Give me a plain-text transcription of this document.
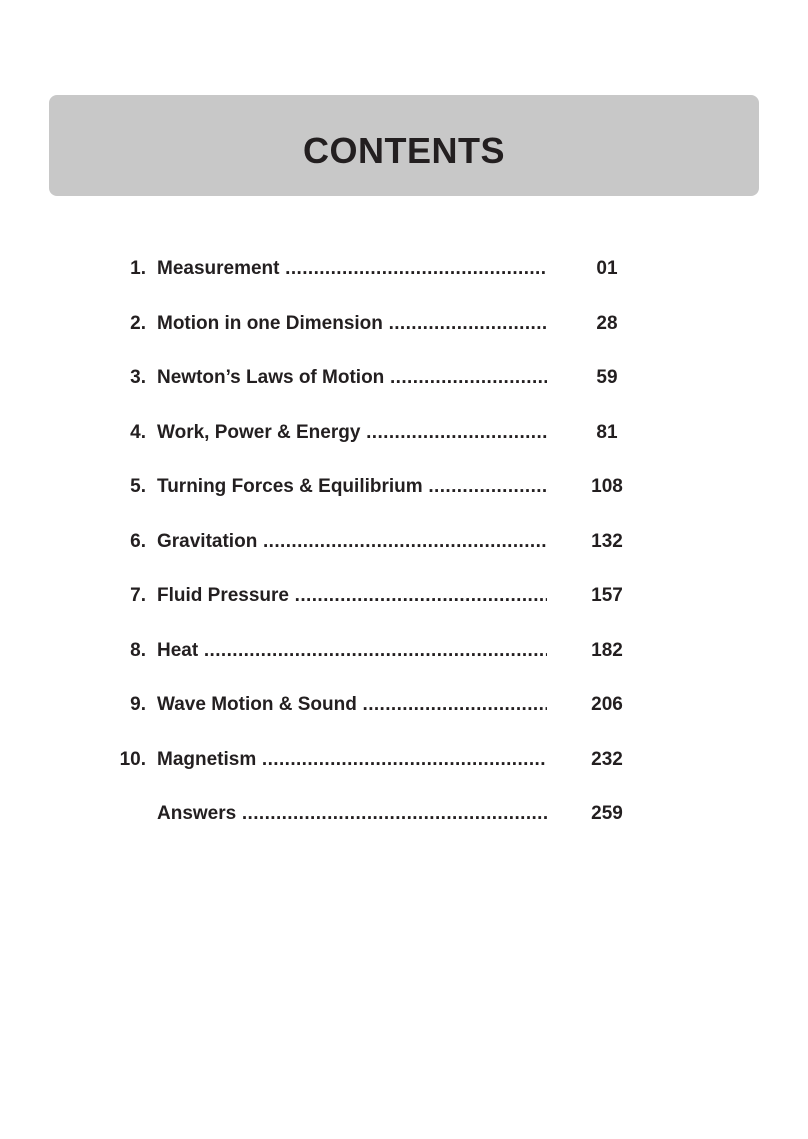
CONTENTS
1. Measurement .....	01
2. Motion in one Dimension .....	28
3. Newton’s Laws of Motion .....	59
4. Work, Power & Energy .....	81
5. Turning Forces & Equilibrium .....	108
6. Gravitation .....	132
7. Fluid Pressure .....	157
8. Heat .....	182
9. Wave Motion & Sound .....	206
10. Magnetism .....	232
Answers .....	259
